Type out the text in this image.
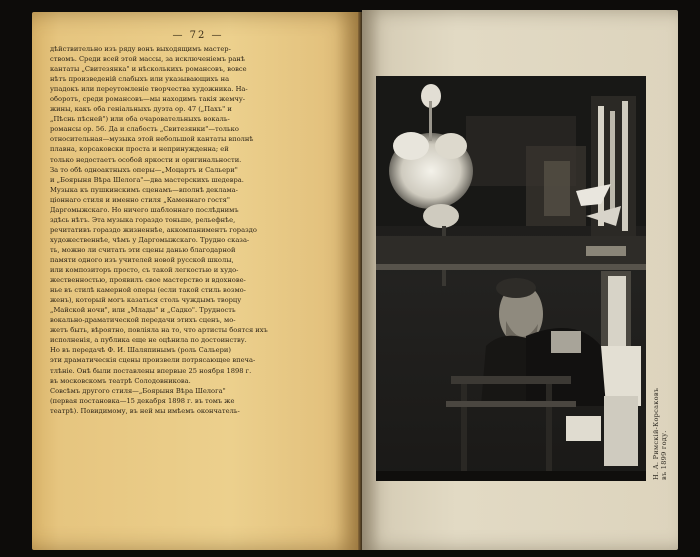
— 72 —

дѣйствительно изъ ряду вонъ выходящимъ мастер-

ствомъ. Среди всей этой массы, за исключеніемъ ранѣ

кантаты „Свитезянка" и нѣсколькихъ романсовъ, вовсе

нѣтъ произведеній слабыхъ или указывающихъ на

упадокъ или переутомленіе творчества художника. На-

оборотъ, среди романсовъ—мы находимъ такія жемчу-

жины, какъ оба геніальныхъ дуэта ор. 47 („Пахъ" и

„Пѣснь пѣсней") или оба очаровательныхъ вокаль-

романсы ор. 56. Да и слабость „Свитезянки"—только

относительная—музыка этой небольшой кантаты вполнѣ

плавна, корсаковски проста и непринужденна; ей

только недостаетъ особой яркости и оригинальности.

За то обѣ одноактныхъ оперы—„Моцартъ и Сальери"

и „Боярыня Вѣра Шелога"—два мастерскихъ шедевра.

Музыка къ пушкинскимъ сценамъ—вполнѣ деклама-

ціоннаго стиля и именно стиля „Каменнаго гостя"

Даргомыжскаго. Но ничего шаблоннаго послѣднимъ

здѣсь нѣтъ. Эта музыка гораздо тоньше, рельефнѣе,

речитативъ гораздо жизненнѣе, аккомпаниментъ гораздо

художественнѣе, чѣмъ у Даргомыжскаго. Трудно сказа-

ть, можно ли считать эти сцены данью благодарной

памяти одного изъ учителей новой русской школы,

или композиторъ просто, съ такой легкостью и худо-

жественностью, проявилъ свое мастерство и вдохнове-

нье въ стилѣ камерной оперы (если такой стиль возмо-

женъ), который могъ казаться столь чуждымъ творцу

„Майской ночи", или „Млады" и „Садко". Трудность

вокально-драматической передачи этихъ сценъ, мо-

жетъ быть, вѣроятно, повліяла на то, что артисты боятся ихъ

исполненія, а публика еще не оцѣнила по достоинству.

Но въ передачѣ Ф. И. Шаляпинымъ (роль Сальери)

эти драматическія сцены произвели потрясающее впеча-

тлѣніе. Онѣ были поставлены впервые 25 ноября 1898 г.

въ московскомъ театрѣ Солодовникова.

Совсѣмъ другого стиля—„Боярыня Вѣра Шелога"

(первая постановка—15 декабря 1898 г. въ томъ же

театрѣ). Повидимому, въ ней мы имѣемъ окончатель-	Н. А. Римскій-Корсаковъ
въ 1899 году.
